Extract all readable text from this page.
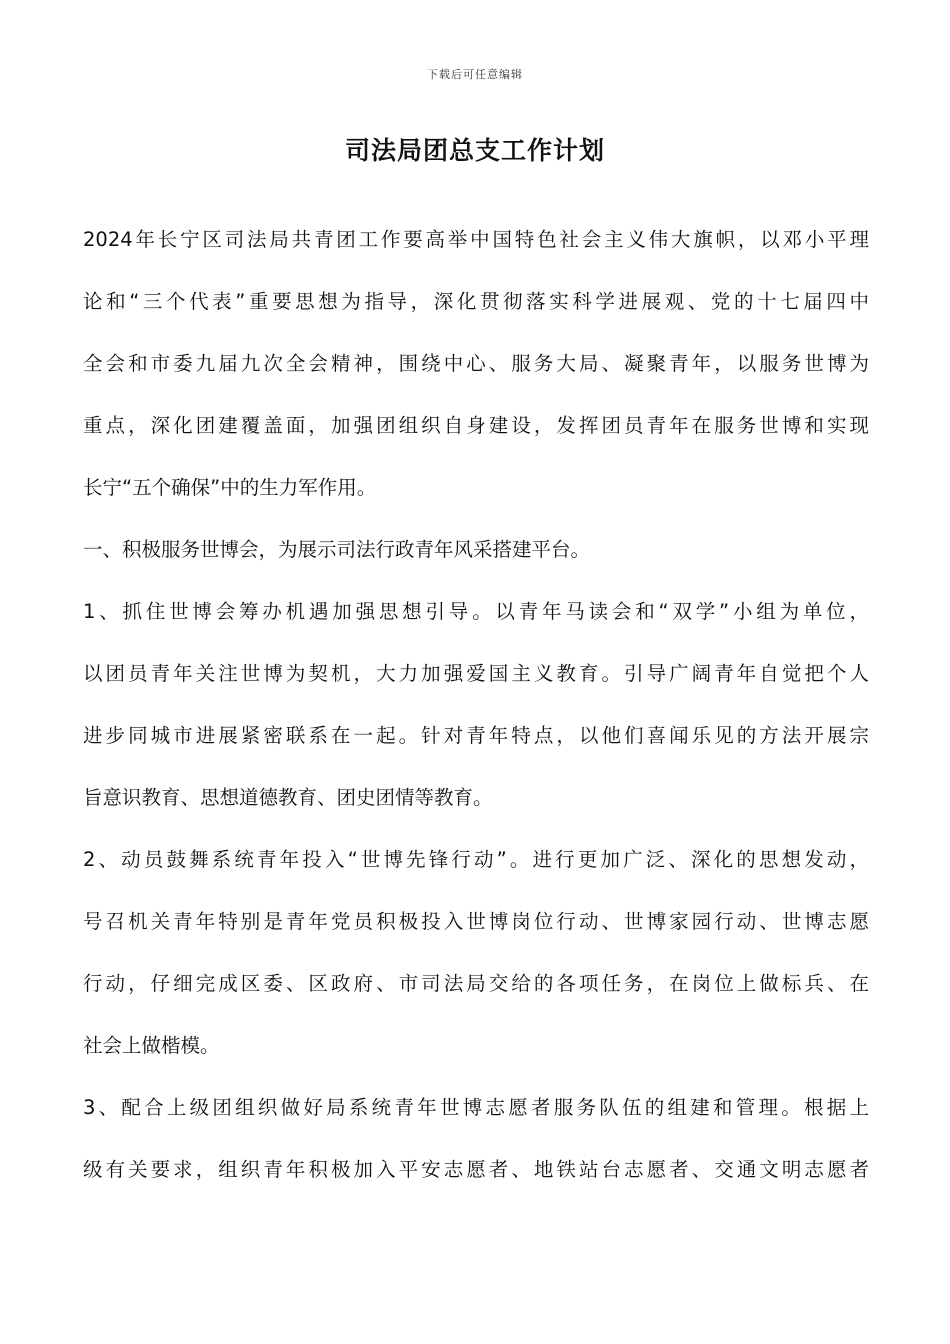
下载后可任意编辑
司法局团总支工作计划
2024年长宁区司法局共青团工作要高举中国特色社会主义伟大旗帜，以邓小平理
论和“三个代表”重要思想为指导，深化贯彻落实科学进展观、党的十七届四中
全会和市委九届九次全会精神，围绕中心、服务大局、凝聚青年，以服务世博为
重点，深化团建覆盖面，加强团组织自身建设，发挥团员青年在服务世博和实现
长宁“五个确保”中的生力军作用。
一、积极服务世博会，为展示司法行政青年风采搭建平台。
1、抓住世博会筹办机遇加强思想引导。以青年马读会和“双学”小组为单位，
以团员青年关注世博为契机，大力加强爱国主义教育。引导广阔青年自觉把个人
进步同城市进展紧密联系在一起。针对青年特点，以他们喜闻乐见的方法开展宗
旨意识教育、思想道德教育、团史团情等教育。
2、动员鼓舞系统青年投入“世博先锋行动”。进行更加广泛、深化的思想发动，
号召机关青年特别是青年党员积极投入世博岗位行动、世博家园行动、世博志愿
行动，仔细完成区委、区政府、市司法局交给的各项任务，在岗位上做标兵、在
社会上做楷模。
3、配合上级团组织做好局系统青年世博志愿者服务队伍的组建和管理。根据上
级有关要求，组织青年积极加入平安志愿者、地铁站台志愿者、交通文明志愿者
